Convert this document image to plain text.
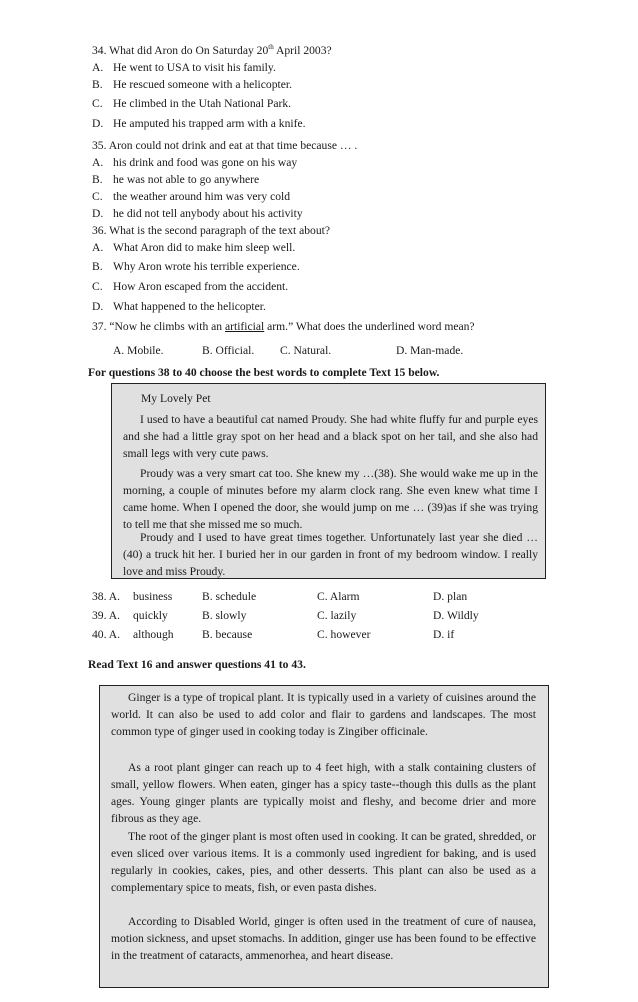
34. What did Aron do On Saturday 20th April 2003?
A. He went to USA to visit his family.
B. He rescued someone with a helicopter.
C. He climbed in the Utah National Park.
D. He amputed his trapped arm with a knife.
35. Aron could not drink and eat at that time because … .
A. his drink and food was gone on his way
B. he was not able to go anywhere
C. the weather around him was very cold
D. he did not tell anybody about his activity
36. What is the second paragraph of the text about?
A. What Aron did to make him sleep well.
B. Why Aron wrote his terrible experience.
C. How Aron escaped from the accident.
D. What happened to the helicopter.
37. “Now he climbs with an artificial arm.” What does the underlined word mean?
A. Mobile.	B. Official. C. Natural.	D. Man-made.
For questions 38 to 40 choose the best words to complete Text 15 below.
My Lovely Pet
I used to have a beautiful cat named Proudy. She had white fluffy fur and purple eyes and she had a little gray spot on her head and a black spot on her tail, and she also had small legs with very cute paws.
Proudy was a very smart cat too. She knew my …(38). She would wake me up in the morning, a couple of minutes before my alarm clock rang. She even knew what time I came home. When I opened the door, she would jump on me … (39)as if she was trying to tell me that she missed me so much.
Proudy and I used to have great times together. Unfortunately last year she died … (40) a truck hit her. I buried her in our garden in front of my bedroom window. I really love and miss Proudy.
38. A. business	B. schedule	C. Alarm	D. plan
39. A. quickly	B. slowly	C. lazily	D. Wildly
40. A. although B. because	C. however	D. if
Read Text 16 and answer questions 41 to 43.
Ginger is a type of tropical plant. It is typically used in a variety of cuisines around the world. It can also be used to add color and flair to gardens and landscapes. The most common type of ginger used in cooking today is Zingiber officinale.
As a root plant ginger can reach up to 4 feet high, with a stalk containing clusters of small, yellow flowers. When eaten, ginger has a spicy taste--though this dulls as the plant ages. Young ginger plants are typically moist and fleshy, and become drier and more fibrous as they age.
The root of the ginger plant is most often used in cooking. It can be grated, shredded, or even sliced over various items. It is a commonly used ingredient for baking, and is used regularly in cookies, cakes, pies, and other desserts. This plant can also be used as a complementary spice to meats, fish, or even pasta dishes.
According to Disabled World, ginger is often used in the treatment of cure of nausea, motion sickness, and upset stomachs. In addition, ginger use has been found to be effective in the treatment of cataracts, ammenorhea, and heart disease.
